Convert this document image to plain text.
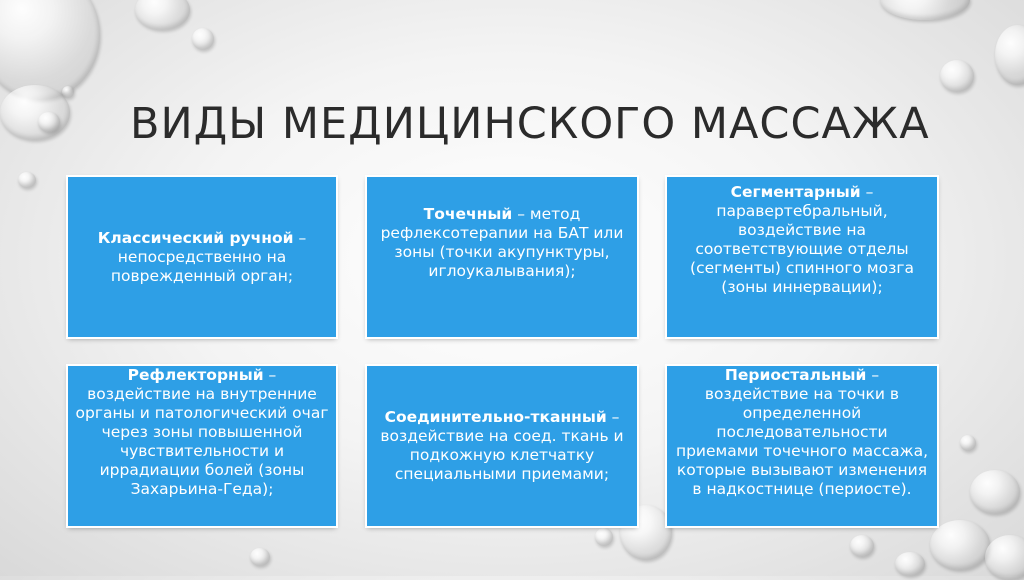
ВИДЫ МЕДИЦИНСКОГО МАССАЖА

Классический ручной – непосредственно на поврежденный орган;

Точечный – метод рефлексотерапии на БАТ или зоны (точки акупунктуры, иглоукалывания);

Сегментарный – паравертебральный, воздействие на соответствующие отделы (сегменты) спинного мозга (зоны иннервации);

Рефлекторный – воздействие на внутренние органы и патологический очаг через зоны повышенной чувствительности и иррадиации болей (зоны Захарьина-Геда);

Соединительно-тканный – воздействие на соед. ткань и подкожную клетчатку специальными приемами;

Периостальный – воздействие на точки в определенной последовательности приемами точечного массажа, которые вызывают изменения в надкостнице (периосте).
